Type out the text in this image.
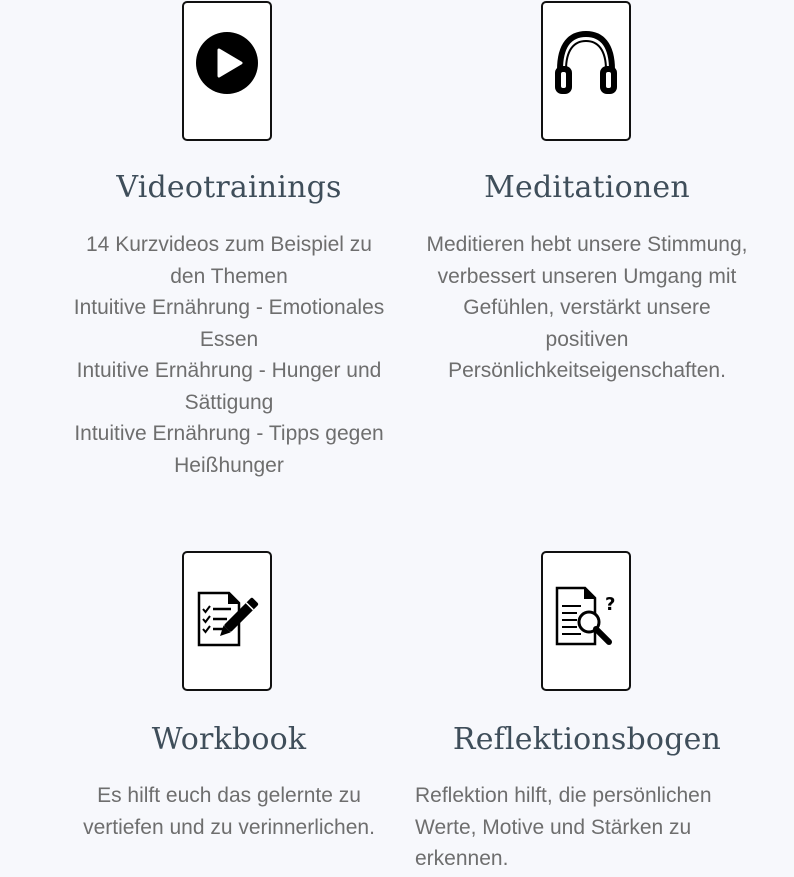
Videotrainings
14 Kurzvideos zum Beispiel zu
den Themen
Intuitive Ernährung - Emotionales
Essen
Intuitive Ernährung - Hunger und
Sättigung
Intuitive Ernährung - Tipps gegen
Heißhunger
Meditationen
Meditieren hebt unsere Stimmung,
verbessert unseren Umgang mit
Gefühlen, verstärkt unsere
positiven
Persönlichkeitseigenschaften.
Workbook
Es hilft euch das gelernte zu
vertiefen und zu verinnerlichen.
?
Reflektionsbogen
Reflektion hilft, die persönlichen
Werte, Motive und Stärken zu
erkennen.
